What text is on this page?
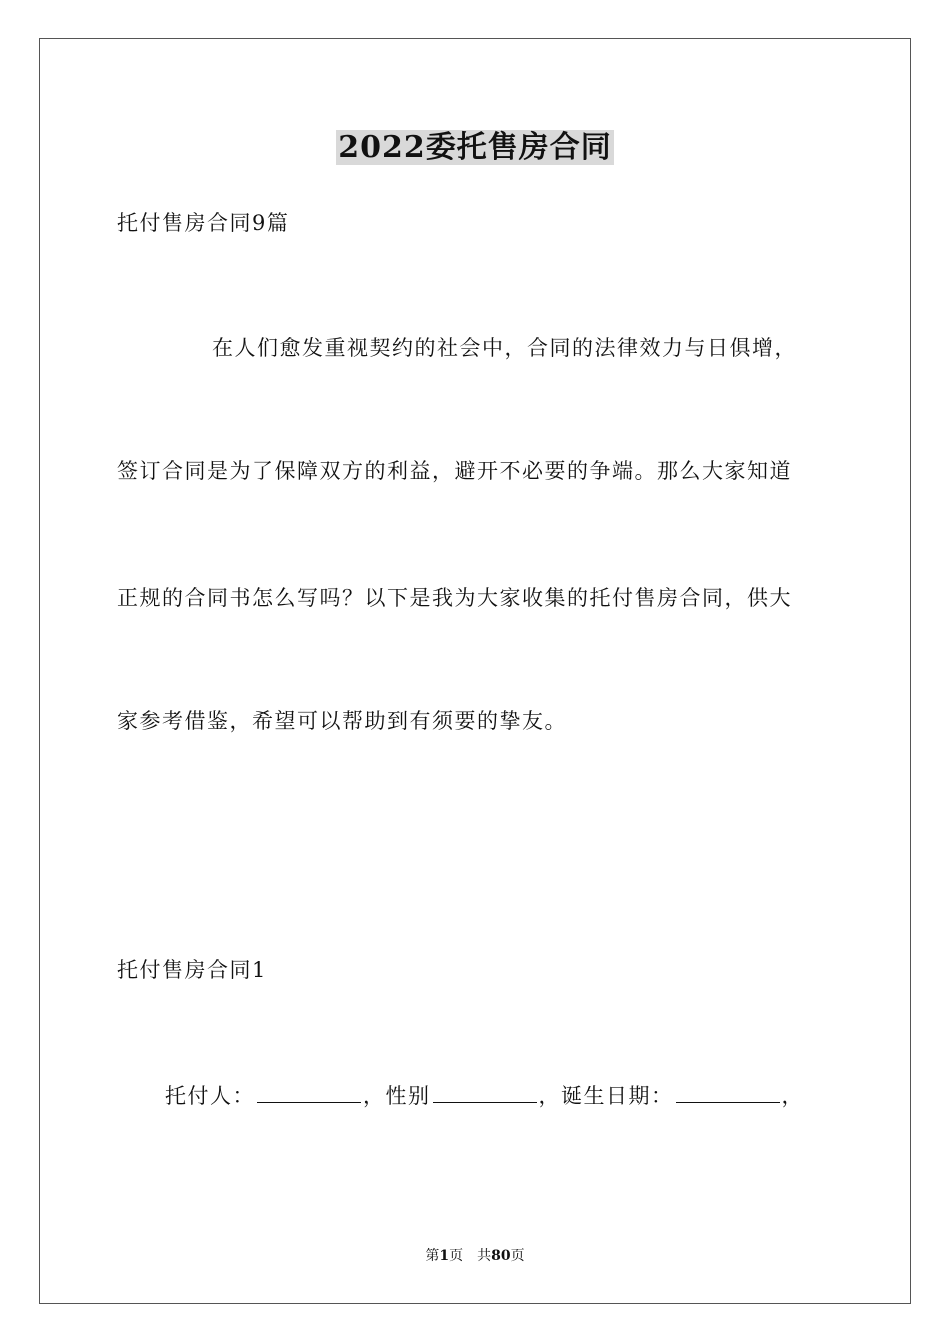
2022委托售房合同
托付售房合同9篇
在人们愈发重视契约的社会中，合同的法律效力与日俱增，
签订合同是为了保障双方的利益，避开不必要的争端。那么大家知道
正规的合同书怎么写吗？以下是我为大家收集的托付售房合同，供大
家参考借鉴，希望可以帮助到有须要的挚友。
托付售房合同1
托付人：	，性别	，诞生日期：	，
第1页　共80页
